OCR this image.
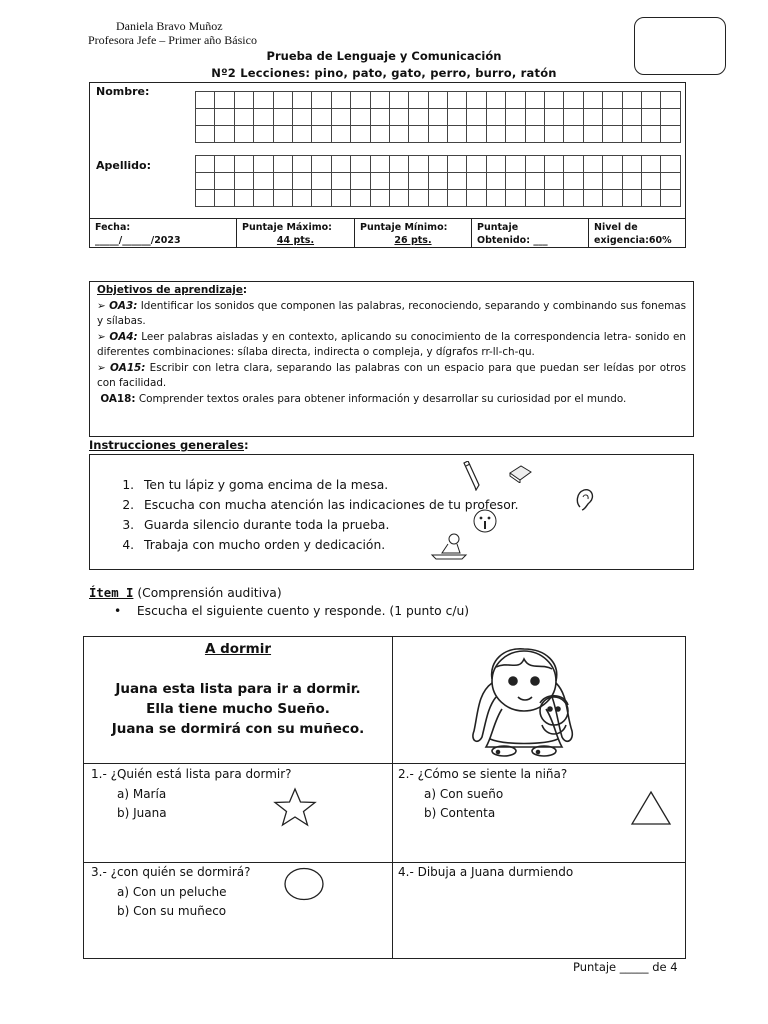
Daniela Bravo Muñoz
Profesora Jefe – Primer año Básico
Prueba de Lenguaje y Comunicación
Nº2 Lecciones: pino, pato, gato, perro, burro, ratón
Nombre:
Apellido:
Fecha:
_____/______/2023
Puntaje Máximo:
44 pts.
Puntaje Mínimo:
26 pts.
Puntaje
Obtenido: ___
Nivel de
exigencia:60%
Objetivos de aprendizaje:

➢ OA3: Identificar los sonidos que componen las palabras, reconociendo, separando y combinando sus fonemas y sílabas.

➢ OA4: Leer palabras aisladas y en contexto, aplicando su conocimiento de la correspondencia letra- sonido en diferentes combinaciones: sílaba directa, indirecta o compleja, y dígrafos rr-ll-ch-qu.

➢ OA15: Escribir con letra clara, separando las palabras con un espacio para que puedan ser leídas por otros con facilidad.

OA18: Comprender textos orales para obtener información y desarrollar su curiosidad por el mundo.

Instrucciones generales:
1. Ten tu lápiz y goma encima de la mesa.
2. Escucha con mucha atención las indicaciones de tu profesor.
3. Guarda silencio durante toda la prueba.
4. Trabaja con mucho orden y dedicación.
Ítem I (Comprensión auditiva)
•    Escucha el siguiente cuento y responde. (1 punto c/u)
A dormir
Juana esta lista para ir a dormir.
Ella tiene mucho Sueño.
Juana se dormirá con su muñeco.
1.- ¿Quién está lista para dormir?
a) María
b) Juana
2.- ¿Cómo se siente la niña?
a) Con sueño
b) Contenta
3.- ¿con quién se dormirá?
a) Con un peluche
b) Con su muñeco
4.- Dibuja a Juana durmiendo
Puntaje _____ de 4
